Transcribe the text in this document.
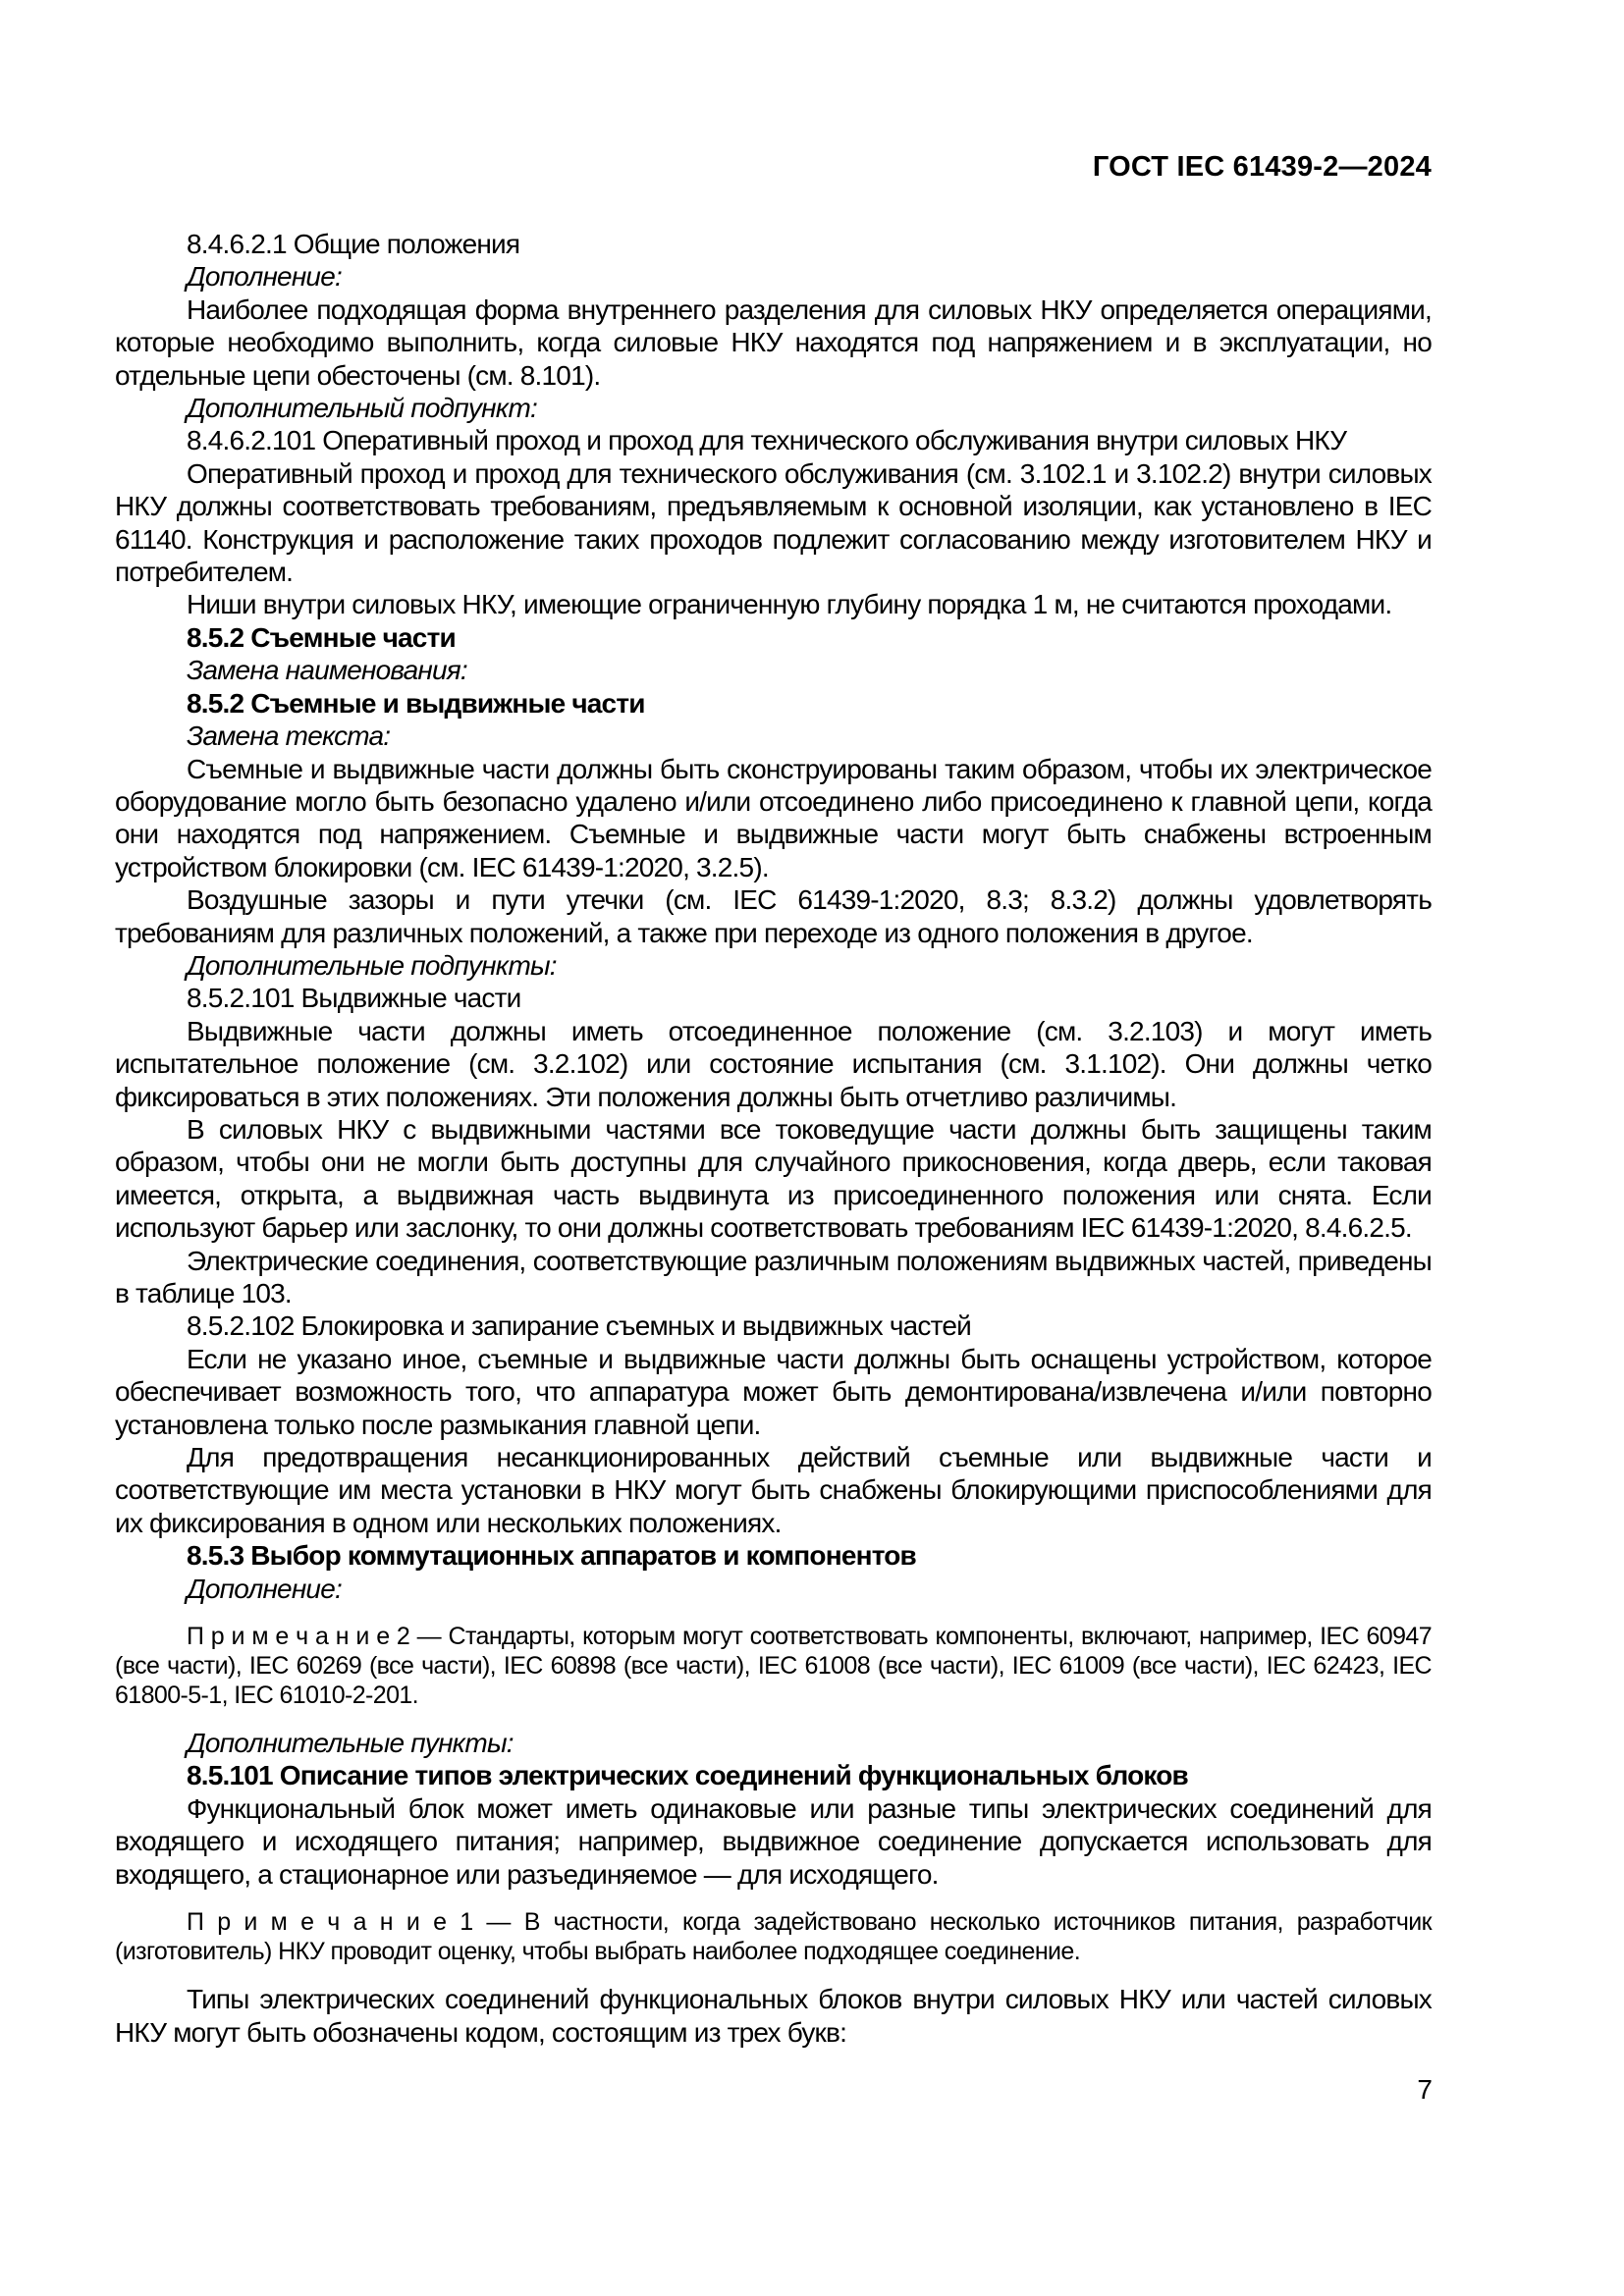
ГОСТ IEC 61439-2—2024

8.4.6.2.1 Общие положения

Дополнение:

Наиболее подходящая форма внутреннего разделения для силовых НКУ определяется операциями, которые необходимо выполнить, когда силовые НКУ находятся под напряжением и в эксплуатации, но отдельные цепи обесточены (см. 8.101).

Дополнительный подпункт:

8.4.6.2.101 Оперативный проход и проход для технического обслуживания внутри силовых НКУ

Оперативный проход и проход для технического обслуживания (см. 3.102.1 и 3.102.2) внутри силовых НКУ должны соответствовать требованиям, предъявляемым к основной изоляции, как установлено в IEC 61140. Конструкция и расположение таких проходов подлежит согласованию между изготовителем НКУ и потребителем.

Ниши внутри силовых НКУ, имеющие ограниченную глубину порядка 1 м, не считаются проходами.

8.5.2 Съемные части

Замена наименования:

8.5.2 Съемные и выдвижные части

Замена текста:

Съемные и выдвижные части должны быть сконструированы таким образом, чтобы их электрическое оборудование могло быть безопасно удалено и/или отсоединено либо присоединено к главной цепи, когда они находятся под напряжением. Съемные и выдвижные части могут быть снабжены встроенным устройством блокировки (см. IEC 61439-1:2020, 3.2.5).

Воздушные зазоры и пути утечки (см. IEC 61439-1:2020, 8.3; 8.3.2) должны удовлетворять требованиям для различных положений, а также при переходе из одного положения в другое.

Дополнительные подпункты:

8.5.2.101 Выдвижные части

Выдвижные части должны иметь отсоединенное положение (см. 3.2.103) и могут иметь испытательное положение (см. 3.2.102) или состояние испытания (см. 3.1.102). Они должны четко фиксироваться в этих положениях. Эти положения должны быть отчетливо различимы.

В силовых НКУ с выдвижными частями все токоведущие части должны быть защищены таким образом, чтобы они не могли быть доступны для случайного прикосновения, когда дверь, если таковая имеется, открыта, а выдвижная часть выдвинута из присоединенного положения или снята. Если используют барьер или заслонку, то они должны соответствовать требованиям IEC 61439-1:2020, 8.4.6.2.5.

Электрические соединения, соответствующие различным положениям выдвижных частей, приведены в таблице 103.

8.5.2.102 Блокировка и запирание съемных и выдвижных частей

Если не указано иное, съемные и выдвижные части должны быть оснащены устройством, которое обеспечивает возможность того, что аппаратура может быть демонтирована/извлечена и/или повторно установлена только после размыкания главной цепи.

Для предотвращения несанкционированных действий съемные или выдвижные части и соответствующие им места установки в НКУ могут быть снабжены блокирующими приспособлениями для их фиксирования в одном или нескольких положениях.

8.5.3 Выбор коммутационных аппаратов и компонентов

Дополнение:

П р и м е ч а н и е 2 — Стандарты, которым могут соответствовать компоненты, включают, например, IEC 60947 (все части), IEC 60269 (все части), IEC 60898 (все части), IEC 61008 (все части), IEC 61009 (все части), IEC 62423, IEC 61800-5-1, IEC 61010-2-201.

Дополнительные пункты:

8.5.101 Описание типов электрических соединений функциональных блоков

Функциональный блок может иметь одинаковые или разные типы электрических соединений для входящего и исходящего питания; например, выдвижное соединение допускается использовать для входящего, а стационарное или разъединяемое — для исходящего.

П р и м е ч а н и е 1 — В частности, когда задействовано несколько источников питания, разработчик (изготовитель) НКУ проводит оценку, чтобы выбрать наиболее подходящее соединение.

Типы электрических соединений функциональных блоков внутри силовых НКУ или частей силовых НКУ могут быть обозначены кодом, состоящим из трех букв:

7
